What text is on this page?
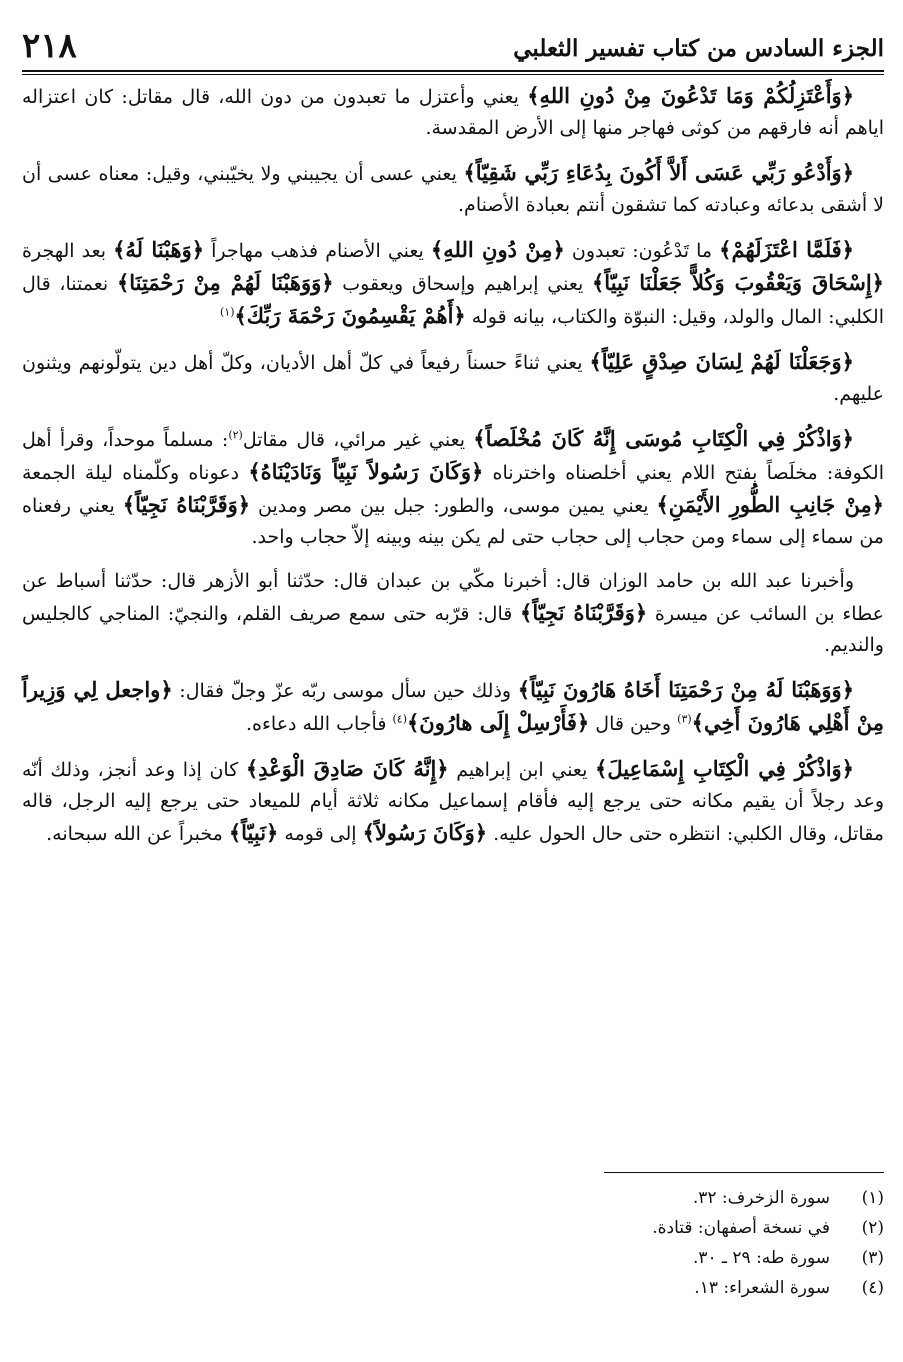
٢١٨	الجزء السادس من كتاب تفسير الثعلبي

﴿وَأَعْتَزِلُكُمْ وَمَا تَدْعُونَ مِنْ دُونِ اللهِ﴾ يعني وأعتزل ما تعبدون من دون الله، قال مقاتل: كان اعتزاله اياهم أنه فارقهم من كوثى فهاجر منها إلى الأرض المقدسة.

﴿وَأَدْعُو رَبِّي عَسَى أَلاَّ أَكُونَ بِدُعَاءِ رَبِّي شَقِيّاً﴾ يعني عسى أن يجيبني ولا يخيّبني، وقيل: معناه عسى أن لا أشقى بدعائه وعبادته كما تشقون أنتم بعبادة الأصنام.

﴿فَلَمَّا اعْتَزَلَهُمْ﴾ ما تَدْعُون: تعبدون ﴿مِنْ دُونِ اللهِ﴾ يعني الأصنام فذهب مهاجراً ﴿وَهَبْنَا لَهُ﴾ بعد الهجرة ﴿إِسْحَاقَ وَيَعْقُوبَ وَكُلاًّ جَعَلْنَا نَبِيّاً﴾ يعني إبراهيم وإسحاق ويعقوب ﴿وَوَهَبْنَا لَهُمْ مِنْ رَحْمَتِنَا﴾ نعمتنا، قال الكلبي: المال والولد، وقيل: النبوّة والكتاب، بيانه قوله ﴿أَهُمْ يَقْسِمُونَ رَحْمَةَ رَبِّكَ﴾$^{(١)}$

﴿وَجَعَلْنَا لَهُمْ لِسَانَ صِدْقٍ عَلِيّاً﴾ يعني ثناءً حسناً رفيعاً في كلّ أهل الأديان، وكلّ أهل دين يتولّونهم ويثنون عليهم.

﴿وَاذْكُرْ فِي الْكِتَابِ مُوسَى إِنَّهُ كَانَ مُخْلَصاً﴾ يعني غير مرائي، قال مقاتل$^{(٢)}$: مسلماً موحداً، وقرأ أهل الكوفة: مخلَصاً بفتح اللام يعني أخلصناه واخترناه ﴿وَكَانَ رَسُولاً نَبِيّاً وَنَادَيْنَاهُ﴾ دعوناه وكلّمناه ليلة الجمعة ﴿مِنْ جَانِبِ الطُّورِ الأَيْمَنِ﴾ يعني يمين موسى، والطور: جبل بين مصر ومدين ﴿وَقَرَّبْنَاهُ نَجِيّاً﴾ يعني رفعناه من سماء إلى سماء ومن حجاب إلى حجاب حتى لم يكن بينه وبينه إلاّ حجاب واحد.

وأخبرنا عبد الله بن حامد الوزان قال: أخبرنا مكّي بن عبدان قال: حدّثنا أبو الأزهر قال: حدّثنا أسباط عن عطاء بن السائب عن ميسرة ﴿وَقَرَّبْنَاهُ نَجِيّاً﴾ قال: قرّبه حتى سمع صريف القلم، والنجيّ: المناجي كالجليس والنديم.

﴿وَوَهَبْنَا لَهُ مِنْ رَحْمَتِنَا أَخَاهُ هَارُونَ نَبِيّاً﴾ وذلك حين سأل موسى ربّه عزّ وجلّ فقال: ﴿واجعل لِي وَزِيراً مِنْ أَهْلِي هَارُونَ أَخِي﴾$^{(٣)}$ وحين قال ﴿فَأَرْسِلْ إِلَى هارُونَ﴾$^{(٤)}$ فأجاب الله دعاءه.

﴿وَاذْكُرْ فِي الْكِتَابِ إِسْمَاعِيلَ﴾ يعني ابن إبراهيم ﴿إِنَّهُ كَانَ صَادِقَ الْوَعْدِ﴾ كان إذا وعد أنجز، وذلك أنّه وعد رجلاً أن يقيم مكانه حتى يرجع إليه فأقام إسماعيل مكانه ثلاثة أيام للميعاد حتى يرجع إليه الرجل، قاله مقاتل، وقال الكلبي: انتظره حتى حال الحول عليه. ﴿وَكَانَ رَسُولاً﴾ إلى قومه ﴿نَبِيّاً﴾ مخبراً عن الله سبحانه.

(١)
سورة الزخرف: ٣٢.
(٢)
في نسخة أصفهان: قتادة.
(٣)
سورة طه: ٢٩ ـ ٣٠.
(٤)
سورة الشعراء: ١٣.
